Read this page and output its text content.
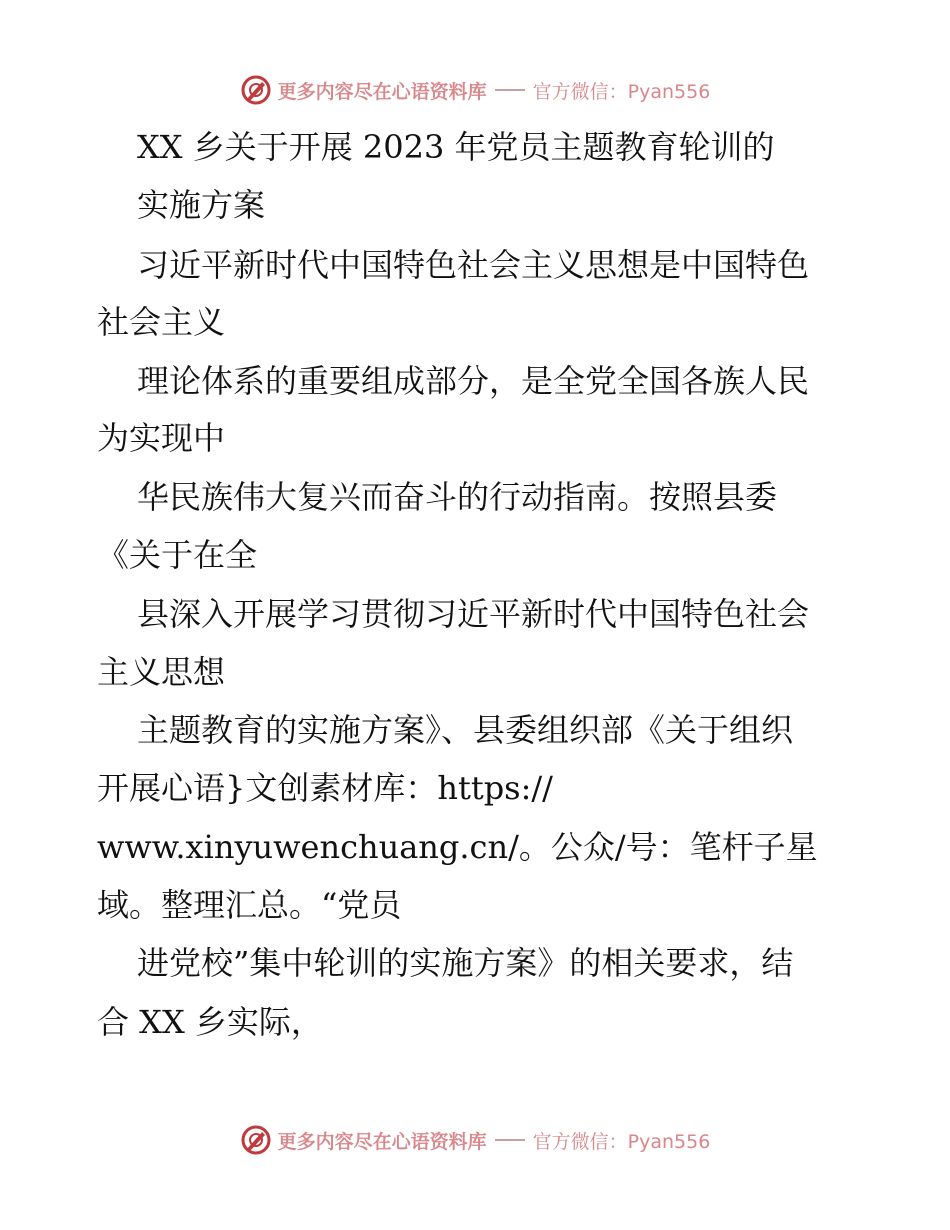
更多内容尽在心语资料库 官方微信：Pyan556
XX 乡关于开展 2023 年党员主题教育轮训的
实施方案
习近平新时代中国特色社会主义思想是中国特色
社会主义
理论体系的重要组成部分，是全党全国各族人民
为实现中
华民族伟大复兴而奋斗的行动指南。按照县委
《关于在全
县深入开展学习贯彻习近平新时代中国特色社会
主义思想
主题教育的实施方案》、县委组织部《关于组织
开展心语}文创素材库：https://
www.xinyuwenchuang.cn/。公众/号：笔杆子星
域。整理汇总。“党员
进党校”集中轮训的实施方案》的相关要求，结
合 XX 乡实际，
更多内容尽在心语资料库 官方微信：Pyan556
